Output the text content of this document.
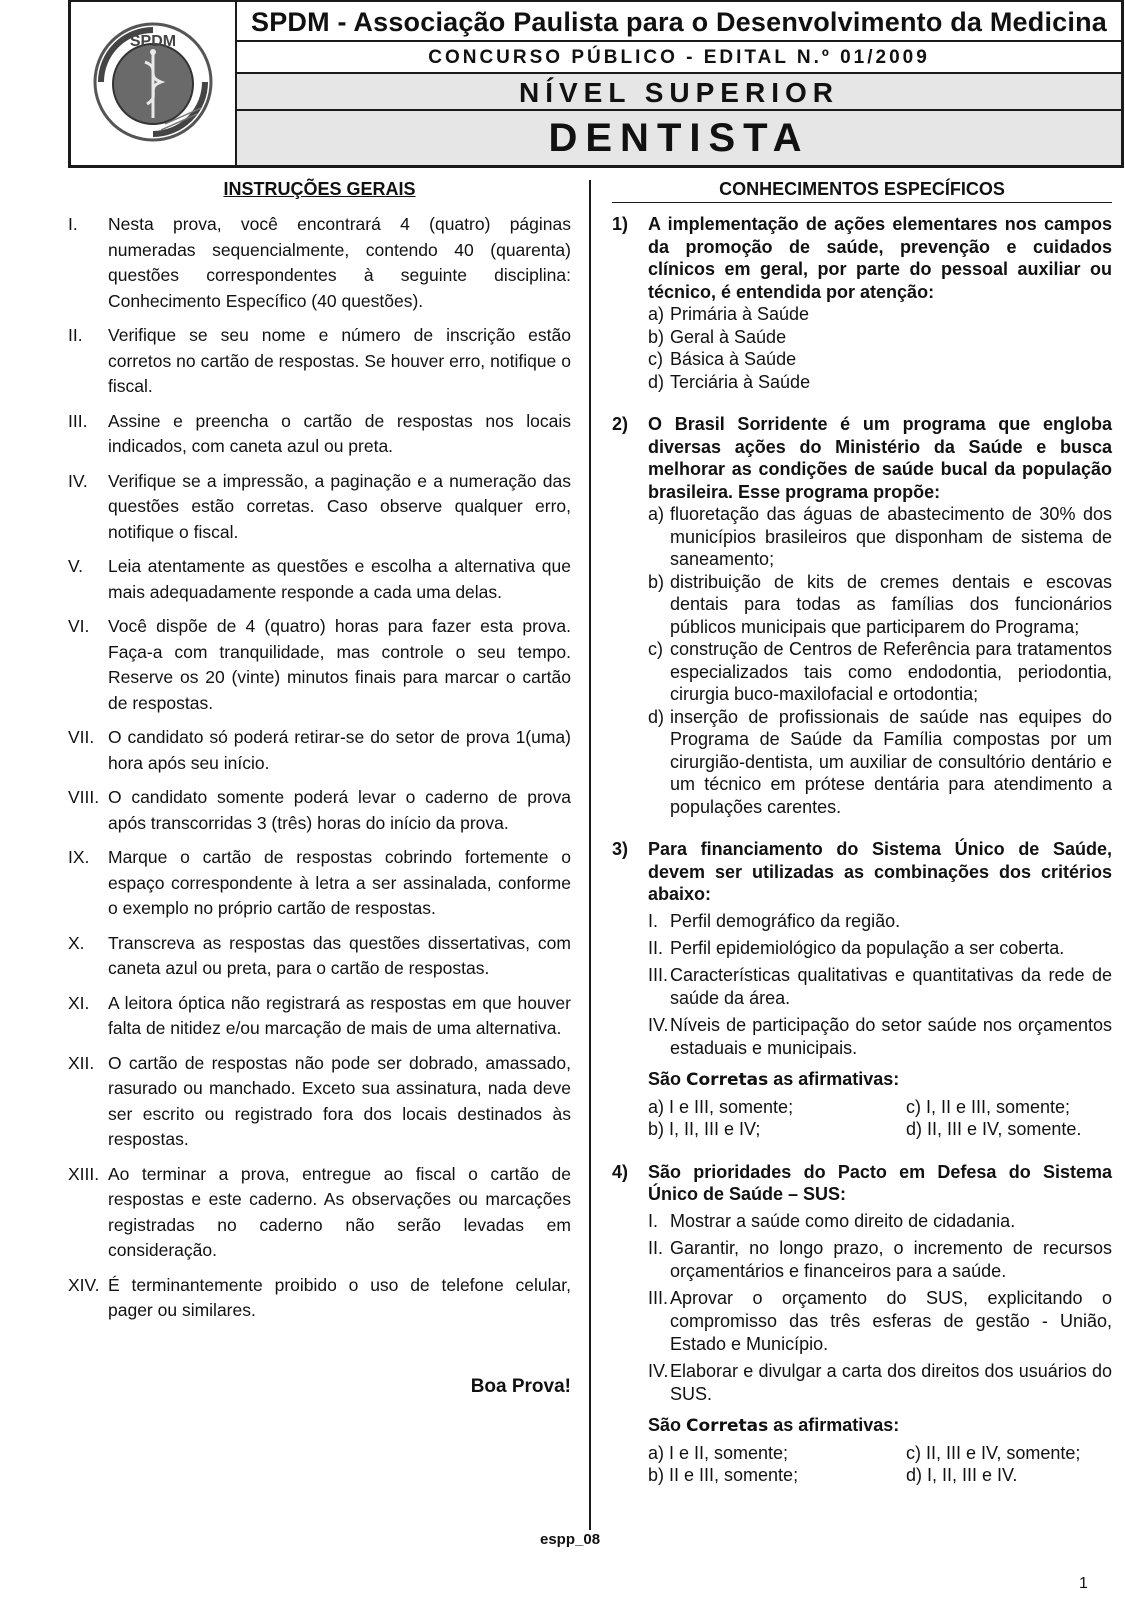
SPDM
SPDM - Associação Paulista para o Desenvolvimento da Medicina
CONCURSO PÚBLICO - EDITAL N.º 01/2009
NÍVEL SUPERIOR
DENTISTA
INSTRUÇÕES GERAIS
I. Nesta prova, você encontrará 4 (quatro) páginas numeradas sequencialmente, contendo 40 (quarenta) questões correspondentes à seguinte disciplina: Conhecimento Específico (40 questões).
II. Verifique se seu nome e número de inscrição estão corretos no cartão de respostas. Se houver erro, notifique o fiscal.
III. Assine e preencha o cartão de respostas nos locais indicados, com caneta azul ou preta.
IV. Verifique se a impressão, a paginação e a numeração das questões estão corretas. Caso observe qualquer erro, notifique o fiscal.
V. Leia atentamente as questões e escolha a alternativa que mais adequadamente responde a cada uma delas.
VI. Você dispõe de 4 (quatro) horas para fazer esta prova. Faça-a com tranquilidade, mas controle o seu tempo. Reserve os 20 (vinte) minutos finais para marcar o cartão de respostas.
VII. O candidato só poderá retirar-se do setor de prova 1(uma) hora após seu início.
VIII. O candidato somente poderá levar o caderno de prova após transcorridas 3 (três) horas do início da prova.
IX. Marque o cartão de respostas cobrindo fortemente o espaço correspondente à letra a ser assinalada, conforme o exemplo no próprio cartão de respostas.
X. Transcreva as respostas das questões dissertativas, com caneta azul ou preta, para o cartão de respostas.
XI. A leitora óptica não registrará as respostas em que houver falta de nitidez e/ou marcação de mais de uma alternativa.
XII. O cartão de respostas não pode ser dobrado, amassado, rasurado ou manchado. Exceto sua assinatura, nada deve ser escrito ou registrado fora dos locais destinados às respostas.
XIII. Ao terminar a prova, entregue ao fiscal o cartão de respostas e este caderno. As observações ou marcações registradas no caderno não serão levadas em consideração.
XIV. É terminantemente proibido o uso de telefone celular, pager ou similares.
Boa Prova!
CONHECIMENTOS ESPECÍFICOS
1) A implementação de ações elementares nos campos da promoção de saúde, prevenção e cuidados clínicos em geral, por parte do pessoal auxiliar ou técnico, é entendida por atenção:
a) Primária à Saúde
b) Geral à Saúde
c) Básica à Saúde
d) Terciária à Saúde
2) O Brasil Sorridente é um programa que engloba diversas ações do Ministério da Saúde e busca melhorar as condições de saúde bucal da população brasileira. Esse programa propõe:
a) fluoretação das águas de abastecimento de 30% dos municípios brasileiros que disponham de sistema de saneamento;
b) distribuição de kits de cremes dentais e escovas dentais para todas as famílias dos funcionários públicos municipais que participarem do Programa;
c) construção de Centros de Referência para tratamentos especializados tais como endodontia, periodontia, cirurgia buco-maxilofacial e ortodontia;
d) inserção de profissionais de saúde nas equipes do Programa de Saúde da Família compostas por um cirurgião-dentista, um auxiliar de consultório dentário e um técnico em prótese dentária para atendimento a populações carentes.
3) Para financiamento do Sistema Único de Saúde, devem ser utilizadas as combinações dos critérios abaixo:
I. Perfil demográfico da região.
II. Perfil epidemiológico da população a ser coberta.
III. Características qualitativas e quantitativas da rede de saúde da área.
IV. Níveis de participação do setor saúde nos orçamentos estaduais e municipais.
São Corretas as afirmativas:
a) I e III, somente;	c) I, II e III, somente;
b) I, II, III e IV;	d) II, III e IV, somente.
4) São prioridades do Pacto em Defesa do Sistema Único de Saúde – SUS:
I. Mostrar a saúde como direito de cidadania.
II. Garantir, no longo prazo, o incremento de recursos orçamentários e financeiros para a saúde.
III. Aprovar o orçamento do SUS, explicitando o compromisso das três esferas de gestão - União, Estado e Município.
IV. Elaborar e divulgar a carta dos direitos dos usuários do SUS.
São Corretas as afirmativas:
a) I e II, somente;	c) II, III e IV, somente;
b) II e III, somente;	d) I, II, III e IV.
espp_08
1
